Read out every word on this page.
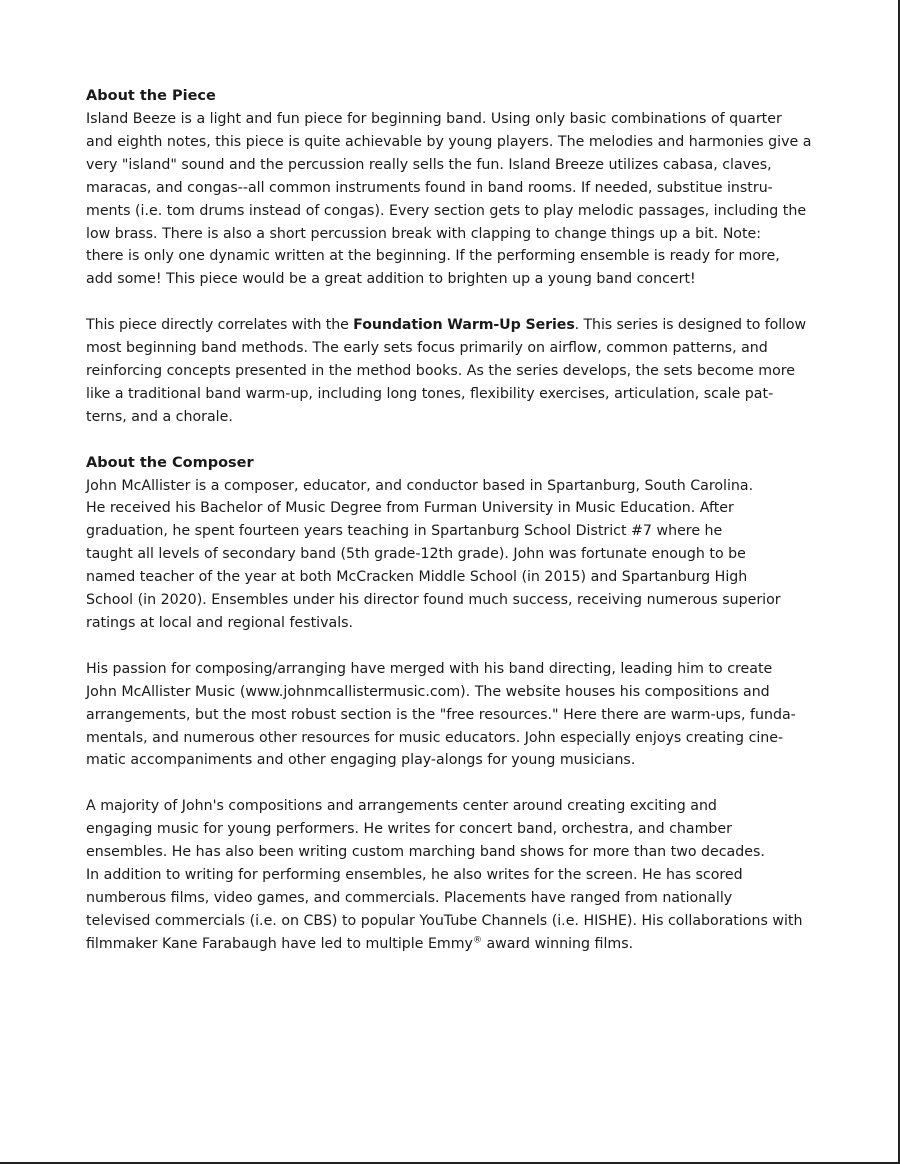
About the Piece

Island Beeze is a light and fun piece for beginning band. Using only basic combinations of quarter
and eighth notes, this piece is quite achievable by young players. The melodies and harmonies give a
very "island" sound and the percussion really sells the fun. Island Breeze utilizes cabasa, claves,
maracas, and congas--all common instruments found in band rooms. If needed, substitue instru-
ments (i.e. tom drums instead of congas). Every section gets to play melodic passages, including the
low brass. There is also a short percussion break with clapping to change things up a bit. Note:
there is only one dynamic written at the beginning. If the performing ensemble is ready for more,
add some! This piece would be a great addition to brighten up a young band concert!

This piece directly correlates with the Foundation Warm-Up Series. This series is designed to follow
most beginning band methods. The early sets focus primarily on airflow, common patterns, and
reinforcing concepts presented in the method books. As the series develops, the sets become more
like a traditional band warm-up, including long tones, flexibility exercises, articulation, scale pat-
terns, and a chorale.

About the Composer

John McAllister is a composer, educator, and conductor based in Spartanburg, South Carolina.
He received his Bachelor of Music Degree from Furman University in Music Education. After
graduation, he spent fourteen years teaching in Spartanburg School District #7 where he
taught all levels of secondary band (5th grade-12th grade). John was fortunate enough to be
named teacher of the year at both McCracken Middle School (in 2015) and Spartanburg High
School (in 2020). Ensembles under his director found much success, receiving numerous superior
ratings at local and regional festivals.

His passion for composing/arranging have merged with his band directing, leading him to create
John McAllister Music (www.johnmcallistermusic.com). The website houses his compositions and
arrangements, but the most robust section is the "free resources." Here there are warm-ups, funda-
mentals, and numerous other resources for music educators. John especially enjoys creating cine-
matic accompaniments and other engaging play-alongs for young musicians.

A majority of John's compositions and arrangements center around creating exciting and
engaging music for young performers. He writes for concert band, orchestra, and chamber
ensembles. He has also been writing custom marching band shows for more than two decades.
In addition to writing for performing ensembles, he also writes for the screen. He has scored
numberous films, video games, and commercials. Placements have ranged from nationally
televised commercials (i.e. on CBS) to popular YouTube Channels (i.e. HISHE). His collaborations with
filmmaker Kane Farabaugh have led to multiple Emmy® award winning films.
